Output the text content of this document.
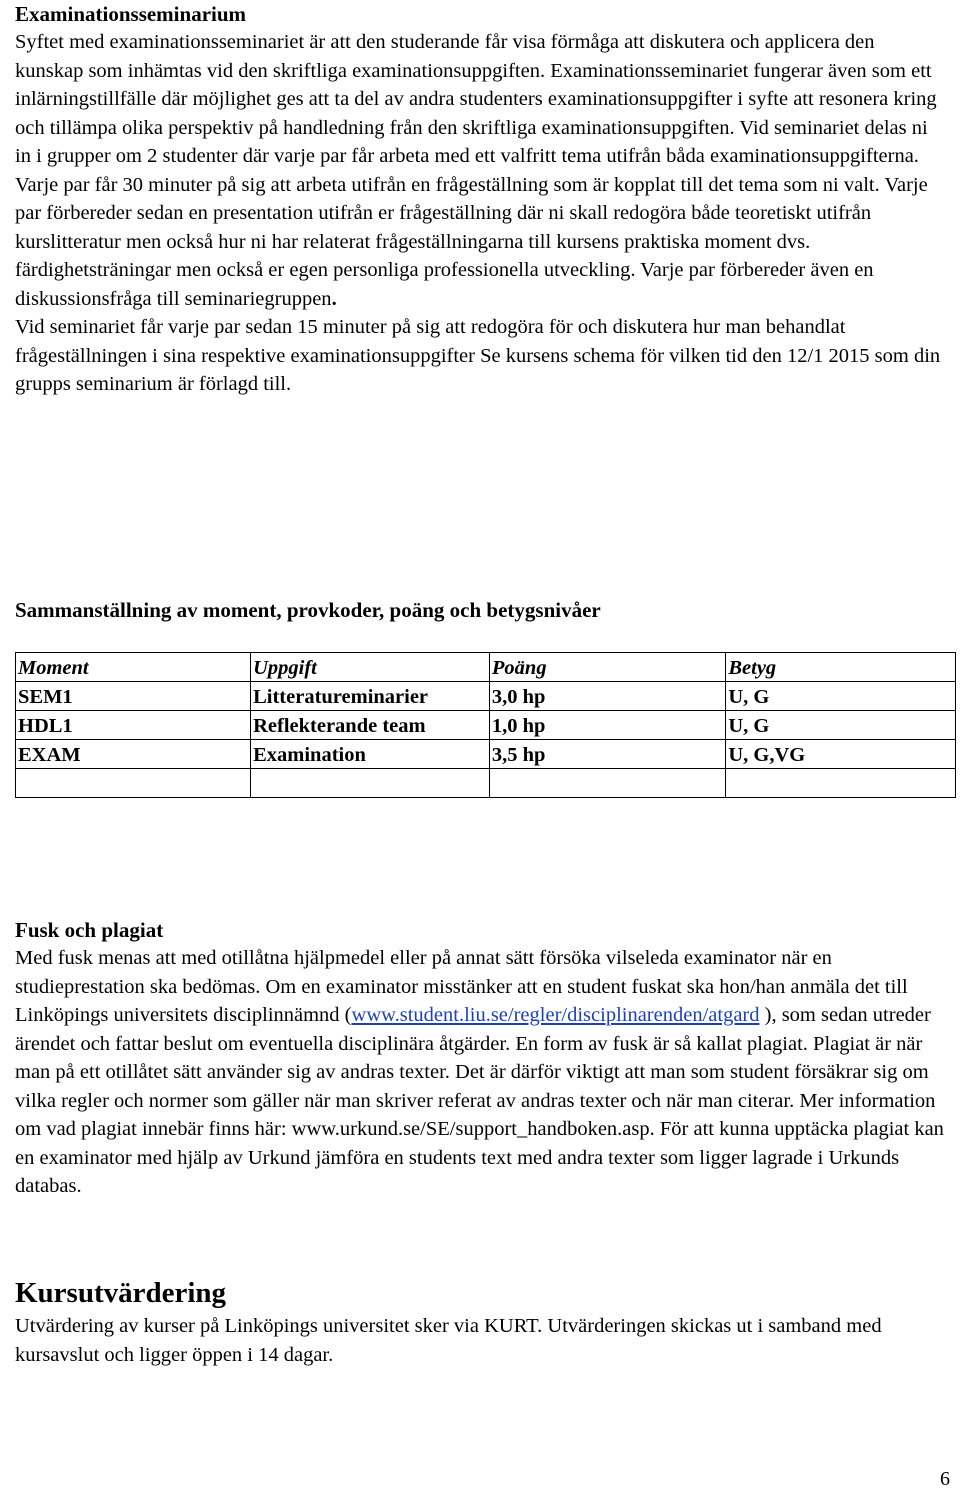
Examinationsseminarium

Syftet med examinationsseminariet är att den studerande får visa förmåga att diskutera och applicera den kunskap som inhämtas vid den skriftliga examinationsuppgiften. Examinationsseminariet fungerar även som ett inlärningstillfälle där möjlighet ges att ta del av andra studenters examinationsuppgifter i syfte att resonera kring och tillämpa olika perspektiv på handledning från den skriftliga examinationsuppgiften. Vid seminariet delas ni in i grupper om 2 studenter där varje par får arbeta med ett valfritt tema utifrån båda examinationsuppgifterna. Varje par får 30 minuter på sig att arbeta utifrån en frågeställning som är kopplat till det tema som ni valt. Varje par förbereder sedan en presentation utifrån er frågeställning där ni skall redogöra både teoretiskt utifrån kurslitteratur men också hur ni har relaterat frågeställningarna till kursens praktiska moment dvs. färdighetsträningar men också er egen personliga professionella utveckling. Varje par förbereder även en diskussionsfråga till seminariegruppen.

Vid seminariet får varje par sedan 15 minuter på sig att redogöra för och diskutera hur man behandlat frågeställningen i sina respektive examinationsuppgifter Se kursens schema för vilken tid den 12/1 2015 som din grupps seminarium är förlagd till.

Sammanställning av moment, provkoder, poäng och betygsnivåer

Moment	Uppgift	Poäng	Betyg
SEM1	Litteratureminarier	3,0 hp	U, G
HDL1	Reflekterande team	1,0 hp	U, G
EXAM	Examination	3,5 hp	U, G,VG

Fusk och plagiat

Med fusk menas att med otillåtna hjälpmedel eller på annat sätt försöka vilseleda examinator när en studieprestation ska bedömas. Om en examinator misstänker att en student fuskat ska hon/han anmäla det till Linköpings universitets disciplinnämnd (www.student.liu.se/regler/disciplinarenden/atgard ), som sedan utreder ärendet och fattar beslut om eventuella disciplinära åtgärder. En form av fusk är så kallat plagiat. Plagiat är när man på ett otillåtet sätt använder sig av andras texter. Det är därför viktigt att man som student försäkrar sig om vilka regler och normer som gäller när man skriver referat av andras texter och när man citerar. Mer information om vad plagiat innebär finns här: www.urkund.se/SE/support_handboken.asp. För att kunna upptäcka plagiat kan en examinator med hjälp av Urkund jämföra en students text med andra texter som ligger lagrade i Urkunds databas.

Kursutvärdering

Utvärdering av kurser på Linköpings universitet sker via KURT. Utvärderingen skickas ut i samband med kursavslut och ligger öppen i 14 dagar.

6
